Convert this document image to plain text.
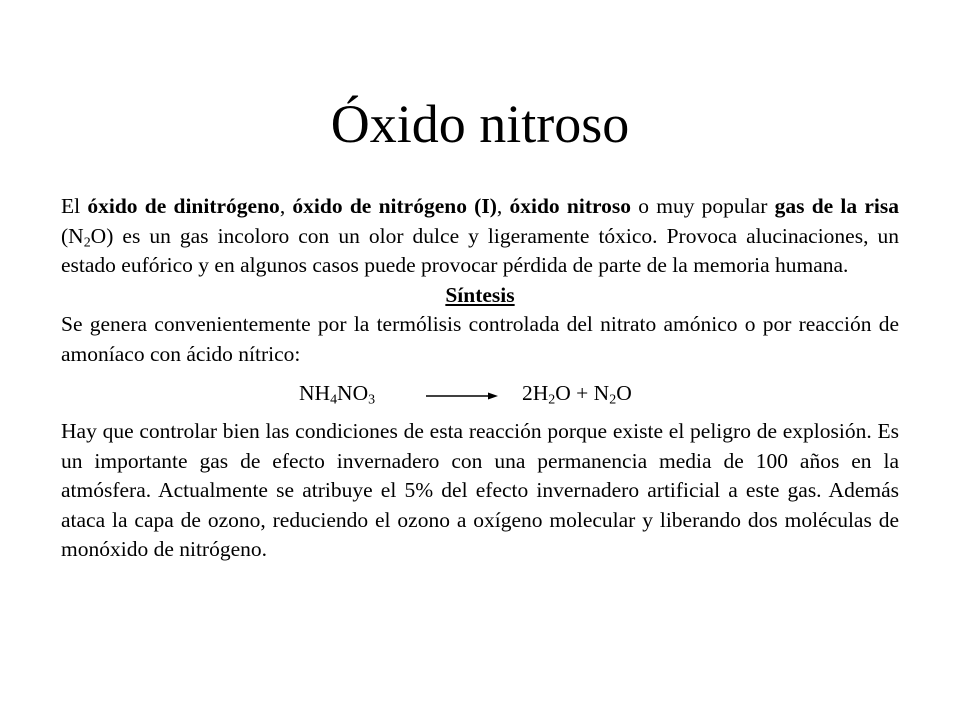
Óxido nitroso

El óxido de dinitrógeno, óxido de nitrógeno (I), óxido nitroso o muy popular gas de la risa $(N_2O)$ es un gas incoloro con un olor dulce y ligeramente tóxico. Provoca alucinaciones, un estado eufórico y en algunos casos puede provocar pérdida de parte de la memoria humana.

Síntesis

Se genera convenientemente por la termólisis controlada del nitrato amónico o por reacción de amoníaco con ácido nítrico:

$NH_4NO_3 \to 2H_2O + N_2O$

Hay que controlar bien las condiciones de esta reacción porque existe el peligro de explosión. Es un importante gas de efecto invernadero con una permanencia media de 100 años en la atmósfera. Actualmente se atribuye el 5% del efecto invernadero artificial a este gas. Además ataca la capa de ozono, reduciendo el ozono a oxígeno molecular y liberando dos moléculas de monóxido de nitrógeno.
